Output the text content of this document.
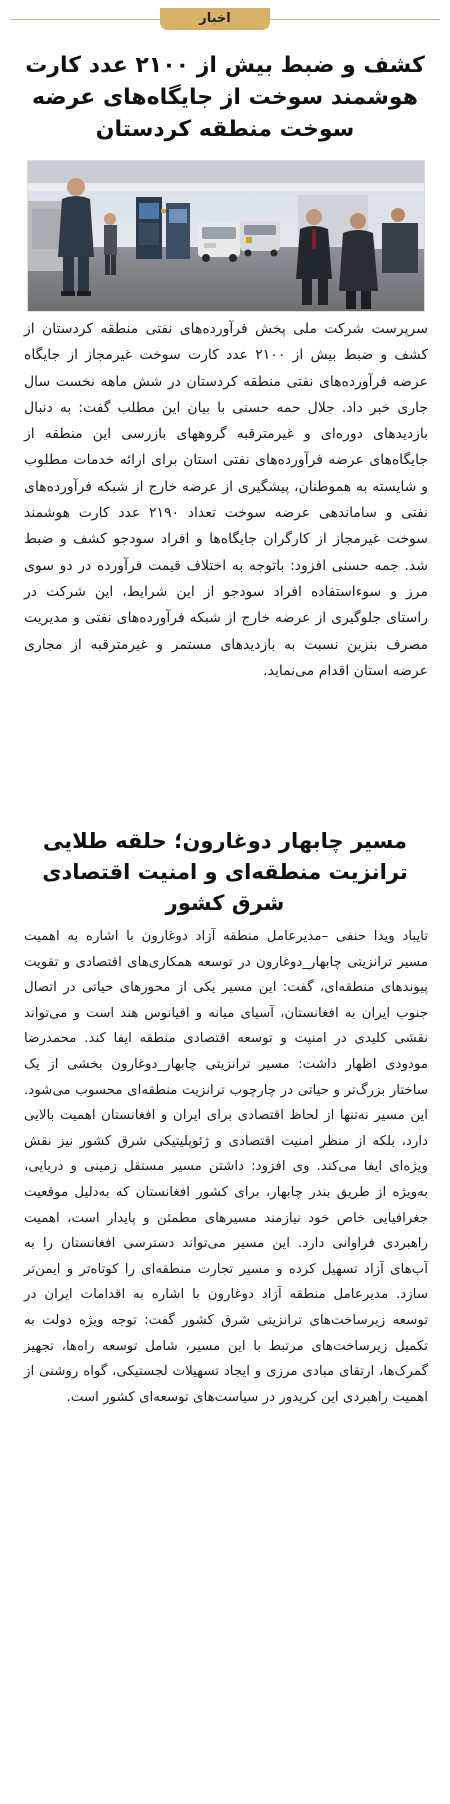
اخبار
کشف و ضبط بیش از ۲۱۰۰ عدد کارت هوشمند سوخت از جایگاه‌های عرضه سوخت منطقه کردستان

سرپرست شرکت ملی پخش فرآورده‌های نفتی منطقه کردستان از کشف و ضبط بیش از ۲۱۰۰ عدد کارت سوخت غیرمجاز از جایگاه عرضه فرآورده‌های نفتی منطقه کردستان در شش ماهه نخست سال جاری خبر داد. جلال حمه حسنی با بیان این مطلب گفت: به دنبال بازدیدهای دوره‌ای و غیرمترقبه گروههای بازرسی این منطقه از جایگاه‌های عرضه فرآورده‌های نفتی استان برای ارائه خدمات مطلوب و شایسته به هموطنان، پیشگیری از عرضه خارج از شبکه فرآورده‌های نفتی و ساماندهی عرضه سوخت تعداد ۲۱۹۰ عدد کارت هوشمند سوخت غیرمجاز از کارگران جایگاه‌ها و افراد سودجو کشف و ضبط شد. جمه حسنی افزود: باتوجه به اختلاف قیمت فرآورده در دو سوی مرز و سوءاستفاده افراد سودجو از این شرایط، این شرکت در راستای جلوگیری از عرضه خارج از شبکه فرآورده‌های نفتی و مدیریت مصرف بنزین نسبت به بازدیدهای مستمر و غیرمترقبه از مجاری عرضه استان اقدام می‌نماید.

مسیر چابهار دوغارون؛ حلقه طلایی ترانزیت منطقه‌ای و امنیت اقتصادی شرق کشور

تایباد ویدا حنفی –مدیرعامل منطقه آزاد دوغارون با اشاره به اهمیت مسیر ترانزیتی چابهار_دوغارون در توسعه همکاری‌های اقتصادی و تقویت پیوندهای منطقه‌ای، گفت: این مسیر یکی از محورهای حیاتی در اتصال جنوب ایران به افغانستان، آسیای میانه و اقیانوس هند است و می‌تواند نقشی کلیدی در امنیت و توسعه اقتصادی منطقه ایفا کند. محمدرضا مودودی اظهار داشت: مسیر ترانزیتی چابهار_دوغارون بخشی از یک ساختار بزرگ‌تر و حیاتی در چارچوب ترانزیت منطقه‌ای محسوب می‌شود. این مسیر نه‌تنها از لحاظ اقتصادی برای ایران و افغانستان اهمیت بالایی دارد، بلکه از منظر امنیت اقتصادی و ژئوپلیتیکی شرق کشور نیز نقش ویژه‌ای ایفا می‌کند. وی افزود: داشتن مسیر مستقل زمینی و دریایی، به‌ویژه از طریق بندر چابهار، برای کشور افغانستان که به‌دلیل موقعیت جغرافیایی خاص خود نیازمند مسیرهای مطمئن و پایدار است، اهمیت راهبردی فراوانی دارد. این مسیر می‌تواند دسترسی افغانستان را به آب‌های آزاد تسهیل کرده و مسیر تجارت منطقه‌ای را کوتاه‌تر و ایمن‌تر سازد. مدیرعامل منطقه آزاد دوغارون با اشاره به اقدامات ایران در توسعه زیرساخت‌های ترانزیتی شرق کشور گفت: توجه ویژه دولت به تکمیل زیرساخت‌های مرتبط با این مسیر، شامل توسعه راه‌ها، تجهیز گمرک‌ها، ارتقای مبادی مرزی و ایجاد تسهیلات لجستیکی، گواه روشنی از اهمیت راهبردی این کریدور در سیاست‌های توسعه‌ای کشور است.
